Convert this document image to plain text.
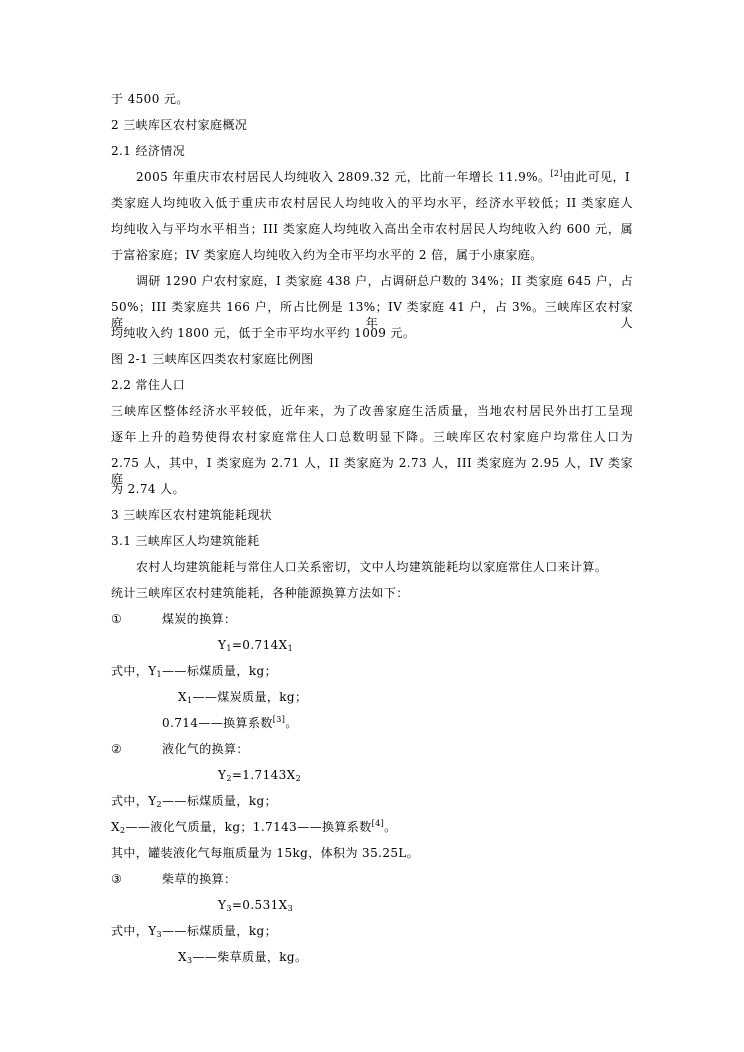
于 4500 元。
2 三峡库区农村家庭概况
2.1 经济情况
2005 年重庆市农村居民人均纯收入 2809.32 元，比前一年增长 11.9%。[2]由此可见，I
类家庭人均纯收入低于重庆市农村居民人均纯收入的平均水平，经济水平较低；II 类家庭人
均纯收入与平均水平相当；III 类家庭人均纯收入高出全市农村居民人均纯收入约 600 元，属
于富裕家庭；IV 类家庭人均纯收入约为全市平均水平的 2 倍，属于小康家庭。
调研 1290 户农村家庭，I 类家庭 438 户，占调研总户数的 34%；II 类家庭 645 户，占
50%；III 类家庭共 166 户，所占比例是 13%；IV 类家庭 41 户，占 3%。三峡库区农村家庭年人
均纯收入约 1800 元，低于全市平均水平约 1009 元。
图 2-1 三峡库区四类农村家庭比例图
2.2 常住人口
三峡库区整体经济水平较低，近年来，为了改善家庭生活质量，当地农村居民外出打工呈现
逐年上升的趋势使得农村家庭常住人口总数明显下降。三峡库区农村家庭户均常住人口为
2.75 人，其中，I 类家庭为 2.71 人，II 类家庭为 2.73 人，III 类家庭为 2.95 人，IV 类家庭
为 2.74 人。
3 三峡库区农村建筑能耗现状
3.1 三峡库区人均建筑能耗
农村人均建筑能耗与常住人口关系密切，文中人均建筑能耗均以家庭常住人口来计算。
统计三峡库区农村建筑能耗，各种能源换算方法如下：
①	煤炭的换算：
$Y_1=0.714X_1$
式中，$Y_1——$标煤质量，kg；
$X_1——$煤炭质量，kg；
0.714——换算系数[3]。
②	液化气的换算：
$Y_2=1.7143X_2$
式中，$Y_2——$标煤质量，kg；
$X_2——$液化气质量，kg；1.7143——换算系数[4]。
其中，罐装液化气每瓶质量为 15kg，体积为 35.25L。
③	柴草的换算：
$Y_3=0.531X_3$
式中，$Y_3——$标煤质量，kg；
$X_3——$柴草质量，kg。
